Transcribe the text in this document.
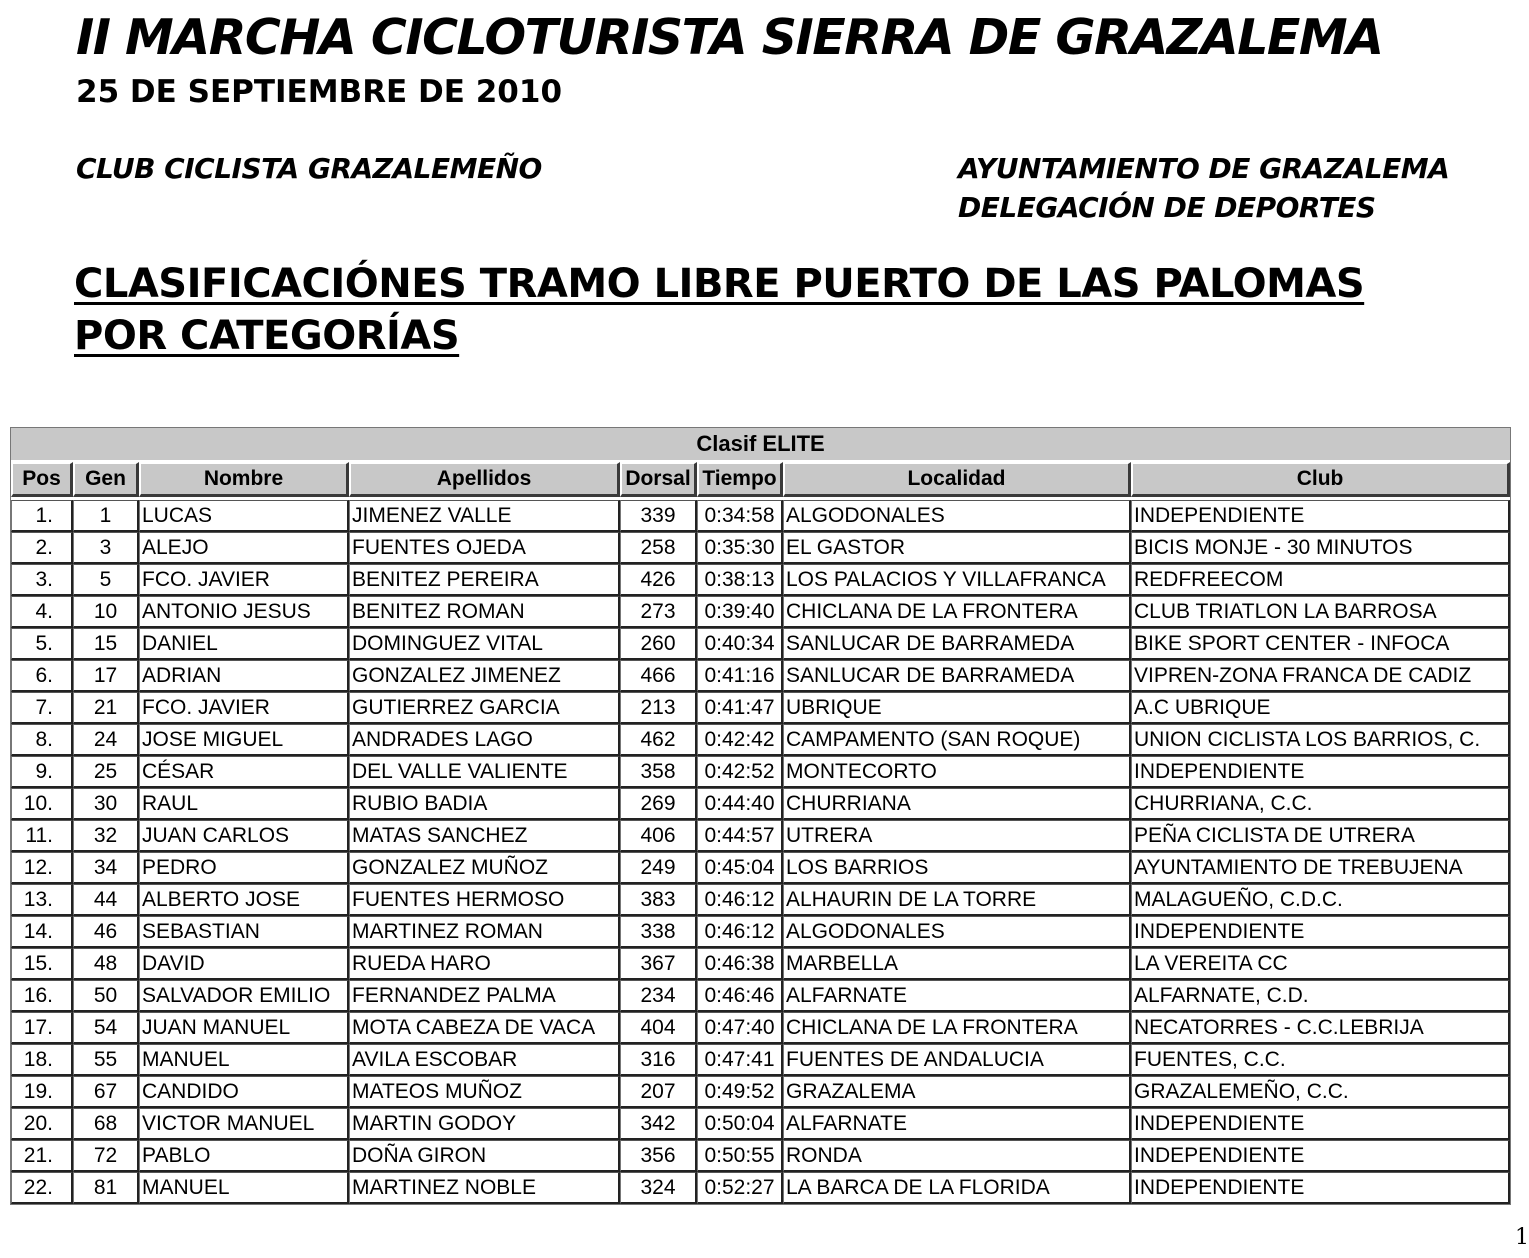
II MARCHA CICLOTURISTA SIERRA DE GRAZALEMA
25 DE SEPTIEMBRE DE 2010
CLUB CICLISTA GRAZALEMEÑO	AYUNTAMIENTO DE GRAZALEMA
DELEGACIÓN DE DEPORTES
CLASIFICACIÓNES TRAMO LIBRE PUERTO DE LAS PALOMAS
POR CATEGORÍAS
Clasif ELITE							
Pos	Gen	Nombre	Apellidos	Dorsal	Tiempo	Localidad	Club

1.	1	LUCAS	JIMENEZ VALLE	339	0:34:58	ALGODONALES	INDEPENDIENTE
2.	3	ALEJO	FUENTES OJEDA	258	0:35:30	EL GASTOR	BICIS MONJE - 30 MINUTOS
3.	5	FCO. JAVIER	BENITEZ PEREIRA	426	0:38:13	LOS PALACIOS Y VILLAFRANCA	REDFREECOM
4.	10	ANTONIO JESUS	BENITEZ ROMAN	273	0:39:40	CHICLANA DE LA FRONTERA	CLUB TRIATLON LA BARROSA
5.	15	DANIEL	DOMINGUEZ VITAL	260	0:40:34	SANLUCAR DE BARRAMEDA	BIKE SPORT CENTER - INFOCA
6.	17	ADRIAN	GONZALEZ JIMENEZ	466	0:41:16	SANLUCAR DE BARRAMEDA	VIPREN-ZONA FRANCA DE CADIZ
7.	21	FCO. JAVIER	GUTIERREZ GARCIA	213	0:41:47	UBRIQUE	A.C UBRIQUE
8.	24	JOSE MIGUEL	ANDRADES LAGO	462	0:42:42	CAMPAMENTO (SAN ROQUE)	UNION CICLISTA LOS BARRIOS, C.
9.	25	CÉSAR	DEL VALLE VALIENTE	358	0:42:52	MONTECORTO	INDEPENDIENTE
10.	30	RAUL	RUBIO BADIA	269	0:44:40	CHURRIANA	CHURRIANA, C.C.
11.	32	JUAN CARLOS	MATAS SANCHEZ	406	0:44:57	UTRERA	PEÑA CICLISTA DE UTRERA
12.	34	PEDRO	GONZALEZ MUÑOZ	249	0:45:04	LOS BARRIOS	AYUNTAMIENTO DE TREBUJENA
13.	44	ALBERTO JOSE	FUENTES HERMOSO	383	0:46:12	ALHAURIN DE LA TORRE	MALAGUEÑO, C.D.C.
14.	46	SEBASTIAN	MARTINEZ ROMAN	338	0:46:12	ALGODONALES	INDEPENDIENTE
15.	48	DAVID	RUEDA HARO	367	0:46:38	MARBELLA	LA VEREITA CC
16.	50	SALVADOR EMILIO	FERNANDEZ PALMA	234	0:46:46	ALFARNATE	ALFARNATE, C.D.
17.	54	JUAN MANUEL	MOTA CABEZA DE VACA	404	0:47:40	CHICLANA DE LA FRONTERA	NECATORRES - C.C.LEBRIJA
18.	55	MANUEL	AVILA ESCOBAR	316	0:47:41	FUENTES DE ANDALUCIA	FUENTES, C.C.
19.	67	CANDIDO	MATEOS MUÑOZ	207	0:49:52	GRAZALEMA	GRAZALEMEÑO, C.C.
20.	68	VICTOR MANUEL	MARTIN GODOY	342	0:50:04	ALFARNATE	INDEPENDIENTE
21.	72	PABLO	DOÑA GIRON	356	0:50:55	RONDA	INDEPENDIENTE
22.	81	MANUEL	MARTINEZ NOBLE	324	0:52:27	LA BARCA DE LA FLORIDA	INDEPENDIENTE
1
